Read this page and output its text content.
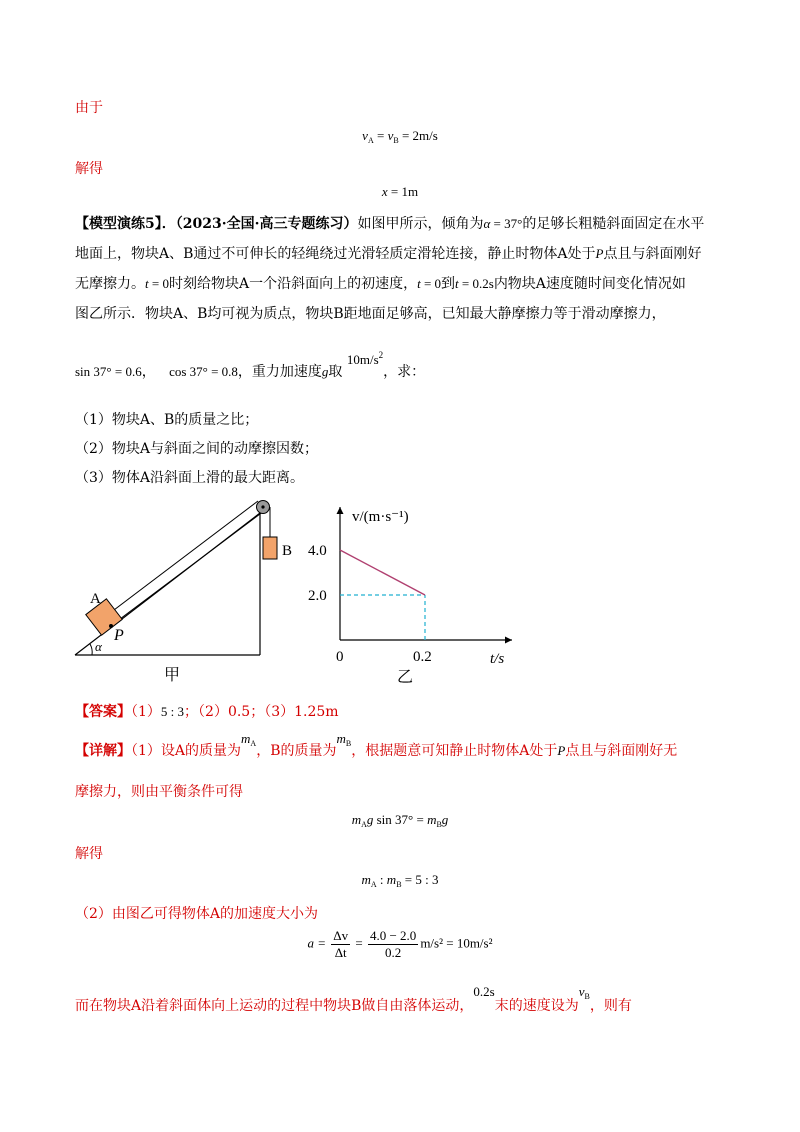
由于
$v_A = v_B = 2m/s$
解得
x = 1m
【模型演练5】．（2023·全国·高三专题练习）如图甲所示，倾角为α = 37°的足够长粗糙斜面固定在水平
地面上，物块A、B通过不可伸长的轻绳绕过光滑轻质定滑轮连接，静止时物体A处于P点且与斜面刚好
无摩擦力。t = 0时刻给物块A一个沿斜面向上的初速度，t = 0到t = 0.2s内物块A速度随时间变化情况如
图乙所示．物块A、B均可视为质点，物块B距地面足够高，已知最大静摩擦力等于滑动摩擦力，
sin 37° = 0.6， cos 37° = 0.8，重力加速度g取 $10m/s^2$，求：
（1）物块A、B的质量之比；
（2）物块A与斜面之间的动摩擦因数；
（3）物体A沿斜面上滑的最大距离。
A
B
P
α
甲
2.0
4.0
0	0.2
v/(m·s⁻¹)
t/s
乙
【答案】（1）5 : 3；（2）0.5；（3）1.25m
【详解】（1）设A的质量为$m_A$，B的质量为$m_B$，根据题意可知静止时物体A处于P点且与斜面刚好无
摩擦力，则由平衡条件可得
$m_Ag$ $\sin 37^\circ = m_Bg$
解得
$m_A$ : $m_B = 5$ : 3
（2）由图乙可得物体A的加速度大小为
$a = \frac{\Delta v}{\Delta t} = \frac{4.0 - 2.0}{0.2} m/s^2 = 10m/s^2$
而在物块A沿着斜面体向上运动的过程中物块B做自由落体运动，0.2s末的速度设为$v_B$，则有
